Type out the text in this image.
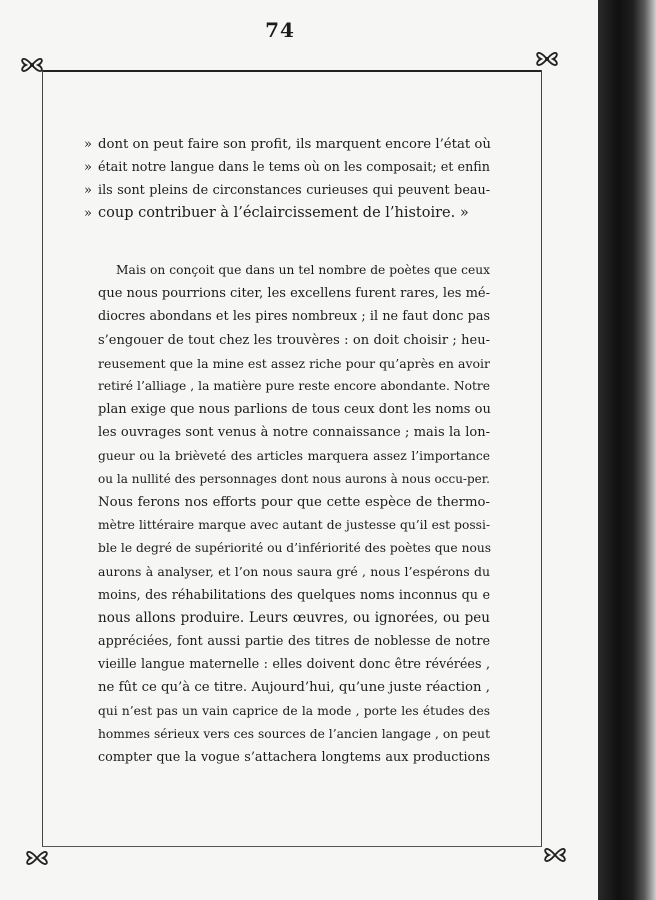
74
» dont on peut faire son profit, ils marquent encore l’état où
» était notre langue dans le tems où on les composait; et enfin
» ils sont pleins de circonstances curieuses qui peuvent beau-
» coup contribuer à l’éclaircissement de l’histoire. »
Mais on conçoit que dans un tel nombre de poètes que ceux
que nous pourrions citer, les excellens furent rares, les mé-
diocres abondans et les pires nombreux ; il ne faut donc pas
s’engouer de tout chez les trouvères : on doit choisir ; heu-
reusement que la mine est assez riche pour qu’après en avoir
retiré l’alliage , la matière pure reste encore abondante. Notre
plan exige que nous parlions de tous ceux dont les noms ou
les ouvrages sont venus à notre connaissance ; mais la lon-
gueur ou la brièveté des articles marquera assez l’importance
ou la nullité des personnages dont nous aurons à nous occu-per.
Nous ferons nos efforts pour que cette espèce de thermo-
mètre littéraire marque avec autant de justesse qu’il est possi-
ble le degré de supériorité ou d’infériorité des poètes que nous
aurons à analyser, et l’on nous saura gré , nous l’espérons du
moins, des réhabilitations des quelques noms inconnus qu e
nous allons produire. Leurs œuvres, ou ignorées, ou peu
appréciées, font aussi partie des titres de noblesse de notre
vieille langue maternelle : elles doivent donc être révérées ,
ne fût ce qu’à ce titre. Aujourd’hui, qu’une juste réaction ,
qui n’est pas un vain caprice de la mode , porte les études des
hommes sérieux vers ces sources de l’ancien langage , on peut
compter que la vogue s’attachera longtems aux productions
